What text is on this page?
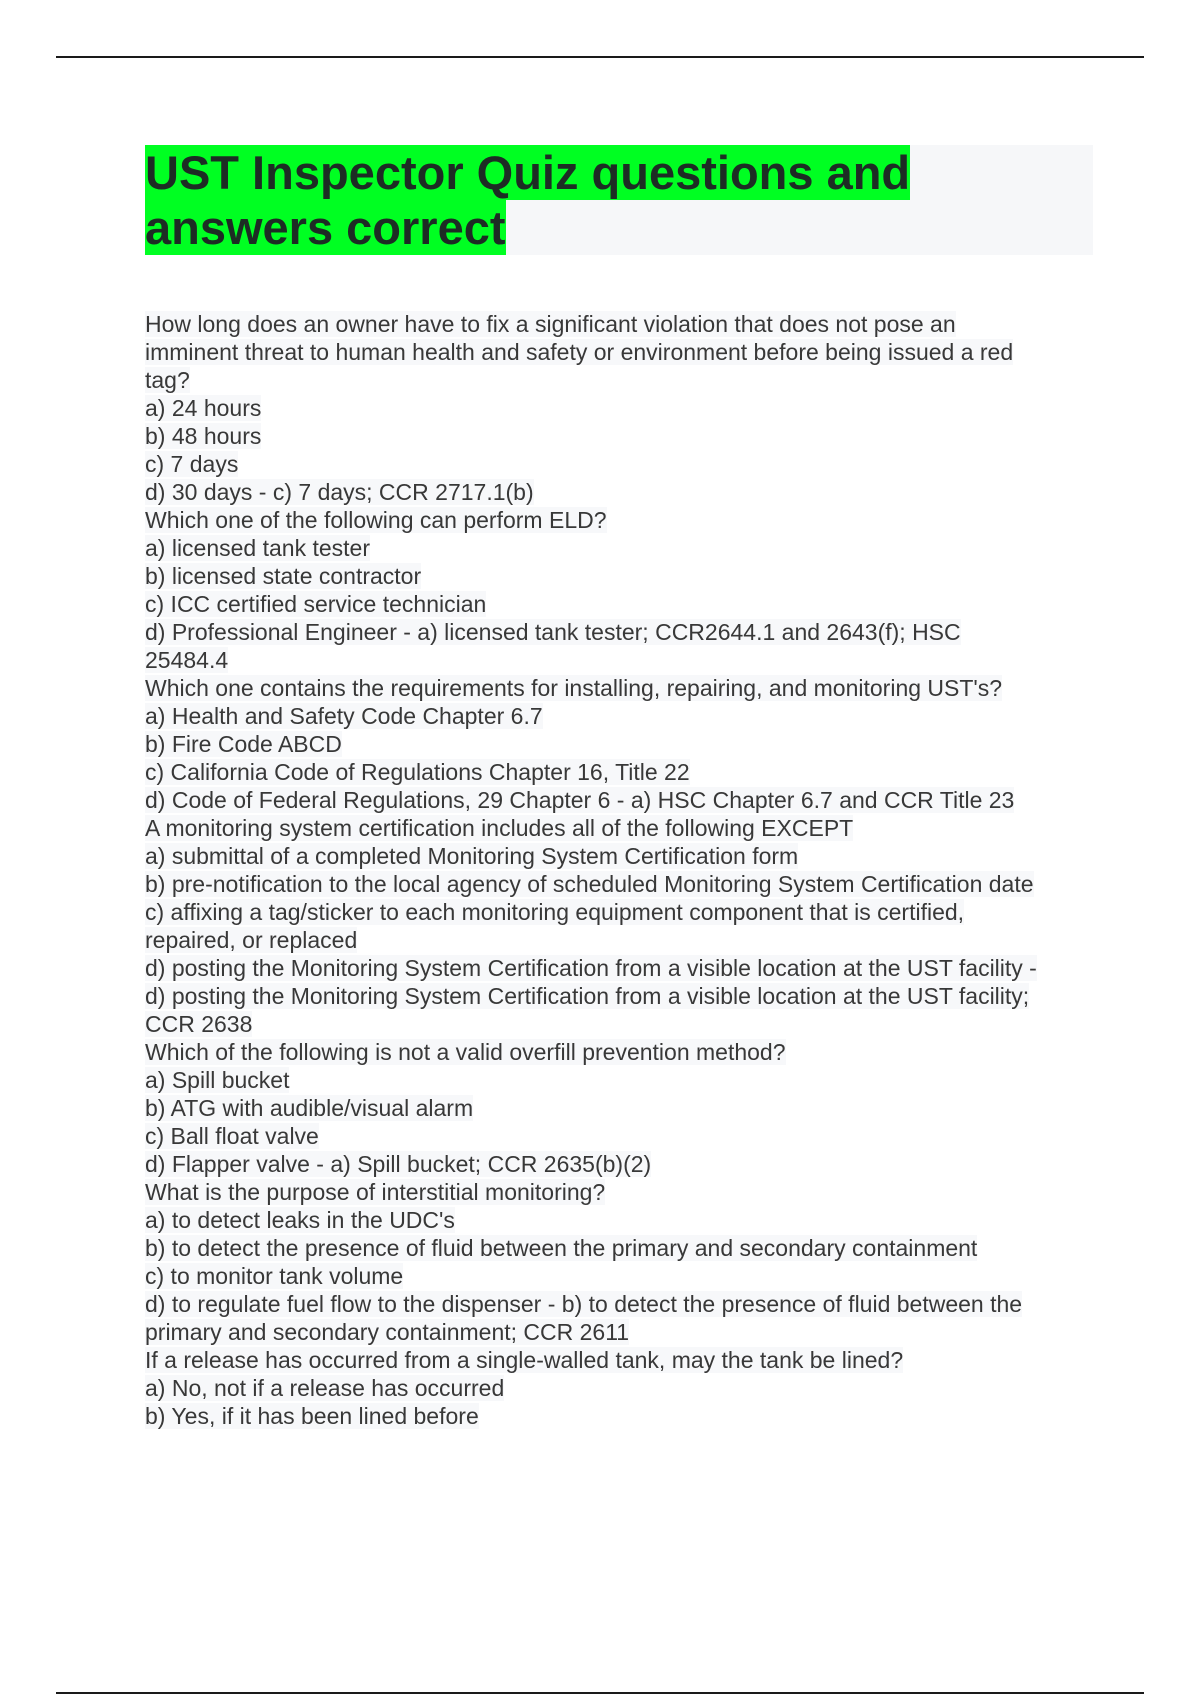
UST Inspector Quiz questions and
answers correct
How long does an owner have to fix a significant violation that does not pose an
imminent threat to human health and safety or environment before being issued a red
tag?
a) 24 hours
b) 48 hours
c) 7 days
d) 30 days - c) 7 days; CCR 2717.1(b)
Which one of the following can perform ELD?
a) licensed tank tester
b) licensed state contractor
c) ICC certified service technician
d) Professional Engineer - a) licensed tank tester; CCR2644.1 and 2643(f); HSC
25484.4
Which one contains the requirements for installing, repairing, and monitoring UST's?
a) Health and Safety Code Chapter 6.7
b) Fire Code ABCD
c) California Code of Regulations Chapter 16, Title 22
d) Code of Federal Regulations, 29 Chapter 6 - a) HSC Chapter 6.7 and CCR Title 23
A monitoring system certification includes all of the following EXCEPT
a) submittal of a completed Monitoring System Certification form
b) pre-notification to the local agency of scheduled Monitoring System Certification date
c) affixing a tag/sticker to each monitoring equipment component that is certified,
repaired, or replaced
d) posting the Monitoring System Certification from a visible location at the UST facility -
d) posting the Monitoring System Certification from a visible location at the UST facility;
CCR 2638
Which of the following is not a valid overfill prevention method?
a) Spill bucket
b) ATG with audible/visual alarm
c) Ball float valve
d) Flapper valve - a) Spill bucket; CCR 2635(b)(2)
What is the purpose of interstitial monitoring?
a) to detect leaks in the UDC's
b) to detect the presence of fluid between the primary and secondary containment
c) to monitor tank volume
d) to regulate fuel flow to the dispenser - b) to detect the presence of fluid between the
primary and secondary containment; CCR 2611
If a release has occurred from a single-walled tank, may the tank be lined?
a) No, not if a release has occurred
b) Yes, if it has been lined before
